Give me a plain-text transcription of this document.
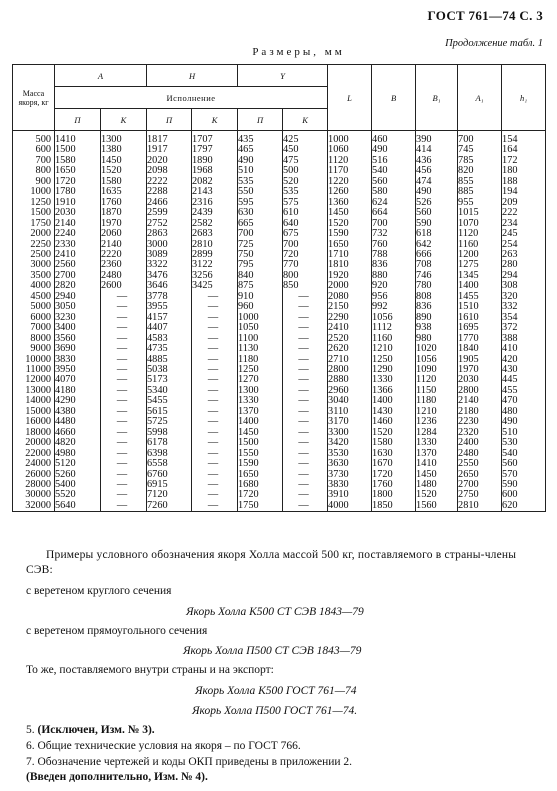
ГОСТ 761—74 С. 3
Продолжение табл. 1
Размеры, мм
Масса якоря, кг	A		H		Y		L	B	B₁	A₁	h₁
	Исполнение										
	П	К	П	К	П	К					
500	1410	1300	1817	1707	435	425	1000	460	390	700	154
600	1500	1380	1917	1797	465	450	1060	490	414	745	164
700	1580	1450	2020	1890	490	475	1120	516	436	785	172
800	1650	1520	2098	1968	510	500	1170	540	456	820	180
900	1720	1580	2222	2082	535	520	1220	560	474	855	188
1000	1780	1635	2288	2143	550	535	1260	580	490	885	194
1250	1910	1760	2466	2316	595	575	1360	624	526	955	209
1500	2030	1870	2599	2439	630	610	1450	664	560	1015	222
1750	2140	1970	2752	2582	665	640	1520	700	590	1070	234
2000	2240	2060	2863	2683	700	675	1590	732	618	1120	245
2250	2330	2140	3000	2810	725	700	1650	760	642	1160	254
2500	2410	2220	3089	2899	750	720	1710	788	666	1200	263
3000	2560	2360	3322	3122	795	770	1810	836	708	1275	280
3500	2700	2480	3476	3256	840	800	1920	880	746	1345	294
4000	2820	2600	3646	3425	875	850	2000	920	780	1400	308
4500	2940	—	3778	—	910	—	2080	956	808	1455	320
5000	3050	—	3955	—	960	—	2150	992	836	1510	332
6000	3230	—	4157	—	1000	—	2290	1056	890	1610	354
7000	3400	—	4407	—	1050	—	2410	1112	938	1695	372
8000	3560	—	4583	—	1100	—	2520	1160	980	1770	388
9000	3690	—	4735	—	1130	—	2620	1210	1020	1840	410
10000	3830	—	4885	—	1180	—	2710	1250	1056	1905	420
11000	3950	—	5038	—	1250	—	2800	1290	1090	1970	430
12000	4070	—	5173	—	1270	—	2880	1330	1120	2030	445
13000	4180	—	5340	—	1300	—	2960	1366	1150	2800	455
14000	4290	—	5455	—	1330	—	3040	1400	1180	2140	470
15000	4380	—	5615	—	1370	—	3110	1430	1210	2180	480
16000	4480	—	5725	—	1400	—	3170	1460	1236	2230	490
18000	4660	—	5998	—	1450	—	3300	1520	1284	2320	510
20000	4820	—	6178	—	1500	—	3420	1580	1330	2400	530
22000	4980	—	6398	—	1550	—	3530	1630	1370	2480	540
24000	5120	—	6558	—	1590	—	3630	1670	1410	2550	560
26000	5260	—	6760	—	1650	—	3730	1720	1450	2650	570
28000	5400	—	6915	—	1680	—	3830	1760	1480	2700	590
30000	5520	—	7120	—	1720	—	3910	1800	1520	2750	600
32000	5640	—	7260	—	1750	—	4000	1850	1560	2810	620
Примеры условного обозначения якоря Холла массой 500 кг, поставляемого в страны-члены СЭВ:
с веретеном круглого сечения
Якорь Холла К500 СТ СЭВ 1843—79
с веретеном прямоугольного сечения
Якорь Холла П500 СТ СЭВ 1843—79
То же, поставляемого внутри страны и на экспорт:
Якорь Холла К500 ГОСТ 761—74
Якорь Холла П500 ГОСТ 761—74.
5. (Исключен, Изм. № 3).
6. Общие технические условия на якоря – по ГОСТ 766.
7. Обозначение чертежей и коды ОКП приведены в приложении 2.
(Введен дополнительно, Изм. № 4).
